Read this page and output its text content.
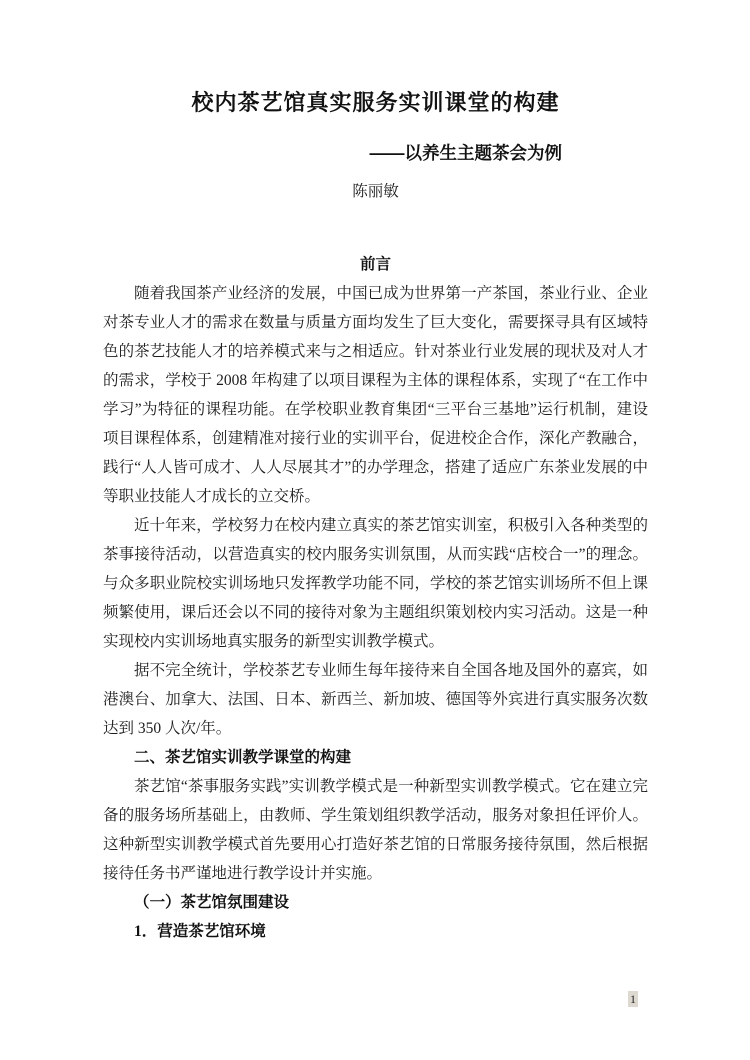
校内茶艺馆真实服务实训课堂的构建
——以养生主题茶会为例
陈丽敏
前言

随着我国茶产业经济的发展，中国已成为世界第一产茶国，茶业行业、企业对茶专业人才的需求在数量与质量方面均发生了巨大变化，需要探寻具有区域特色的茶艺技能人才的培养模式来与之相适应。针对茶业行业发展的现状及对人才的需求，学校于 2008 年构建了以项目课程为主体的课程体系，实现了“在工作中学习”为特征的课程功能。在学校职业教育集团“三平台三基地”运行机制，建设项目课程体系，创建精准对接行业的实训平台，促进校企合作，深化产教融合，践行“人人皆可成才、人人尽展其才”的办学理念，搭建了适应广东茶业发展的中等职业技能人才成长的立交桥。

近十年来，学校努力在校内建立真实的茶艺馆实训室，积极引入各种类型的茶事接待活动，以营造真实的校内服务实训氛围，从而实践“店校合一”的理念。与众多职业院校实训场地只发挥教学功能不同，学校的茶艺馆实训场所不但上课频繁使用，课后还会以不同的接待对象为主题组织策划校内实习活动。这是一种实现校内实训场地真实服务的新型实训教学模式。

据不完全统计，学校茶艺专业师生每年接待来自全国各地及国外的嘉宾，如港澳台、加拿大、法国、日本、新西兰、新加坡、德国等外宾进行真实服务次数达到 350 人次/年。

二、茶艺馆实训教学课堂的构建

茶艺馆“茶事服务实践”实训教学模式是一种新型实训教学模式。它在建立完备的服务场所基础上，由教师、学生策划组织教学活动，服务对象担任评价人。这种新型实训教学模式首先要用心打造好茶艺馆的日常服务接待氛围，然后根据接待任务书严谨地进行教学设计并实施。

（一）茶艺馆氛围建设
1．营造茶艺馆环境
1
